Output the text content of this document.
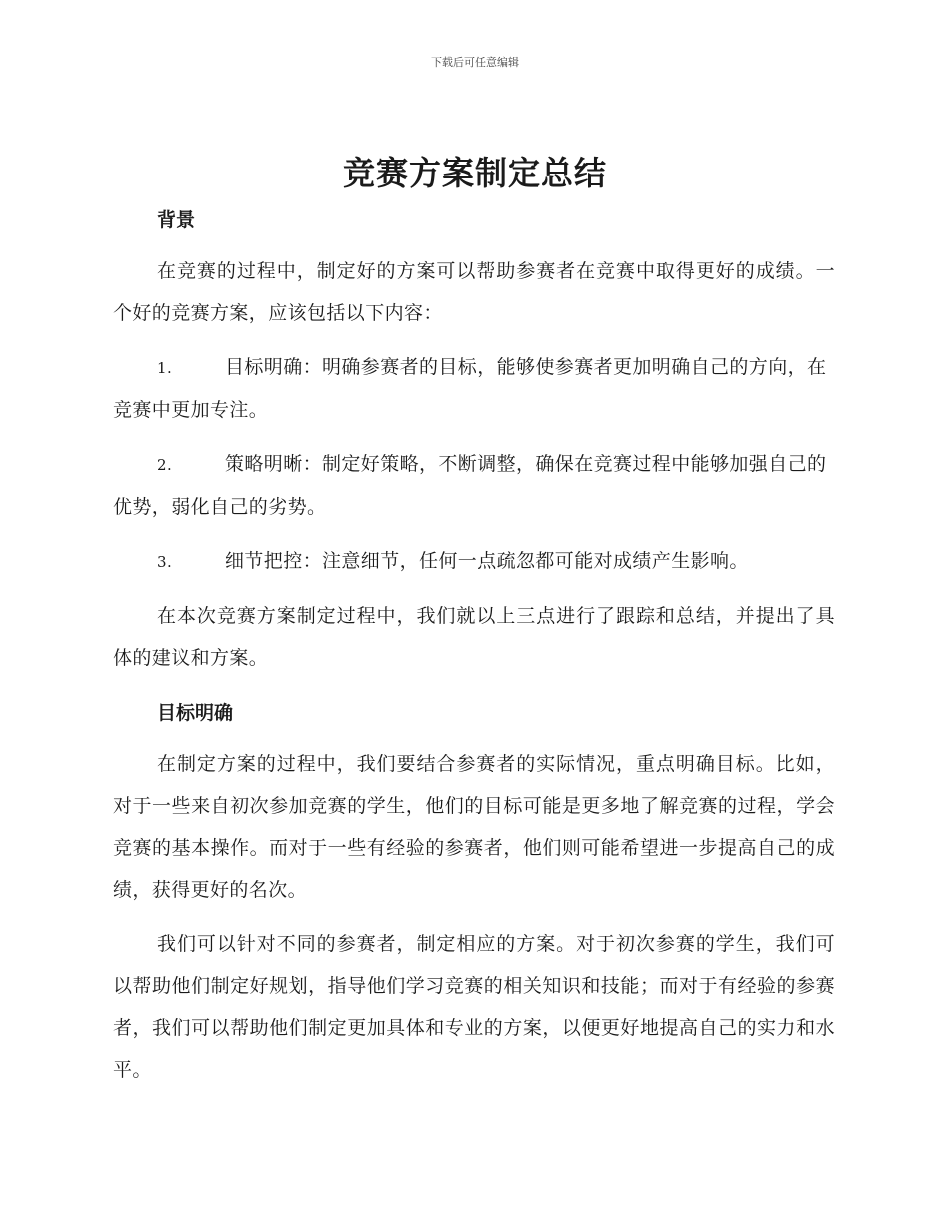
下载后可任意编辑
竞赛方案制定总结
背景

在竞赛的过程中，制定好的方案可以帮助参赛者在竞赛中取得更好的成绩。一个好的竞赛方案，应该包括以下内容：

1.	目标明确：明确参赛者的目标，能够使参赛者更加明确自己的方向，在竞赛中更加专注。
2.	策略明晰：制定好策略，不断调整，确保在竞赛过程中能够加强自己的优势，弱化自己的劣势。
3.	细节把控：注意细节，任何一点疏忽都可能对成绩产生影响。

在本次竞赛方案制定过程中，我们就以上三点进行了跟踪和总结，并提出了具体的建议和方案。

目标明确

在制定方案的过程中，我们要结合参赛者的实际情况，重点明确目标。比如，对于一些来自初次参加竞赛的学生，他们的目标可能是更多地了解竞赛的过程，学会竞赛的基本操作。而对于一些有经验的参赛者，他们则可能希望进一步提高自己的成绩，获得更好的名次。

我们可以针对不同的参赛者，制定相应的方案。对于初次参赛的学生，我们可以帮助他们制定好规划，指导他们学习竞赛的相关知识和技能；而对于有经验的参赛者，我们可以帮助他们制定更加具体和专业的方案，以便更好地提高自己的实力和水平。
